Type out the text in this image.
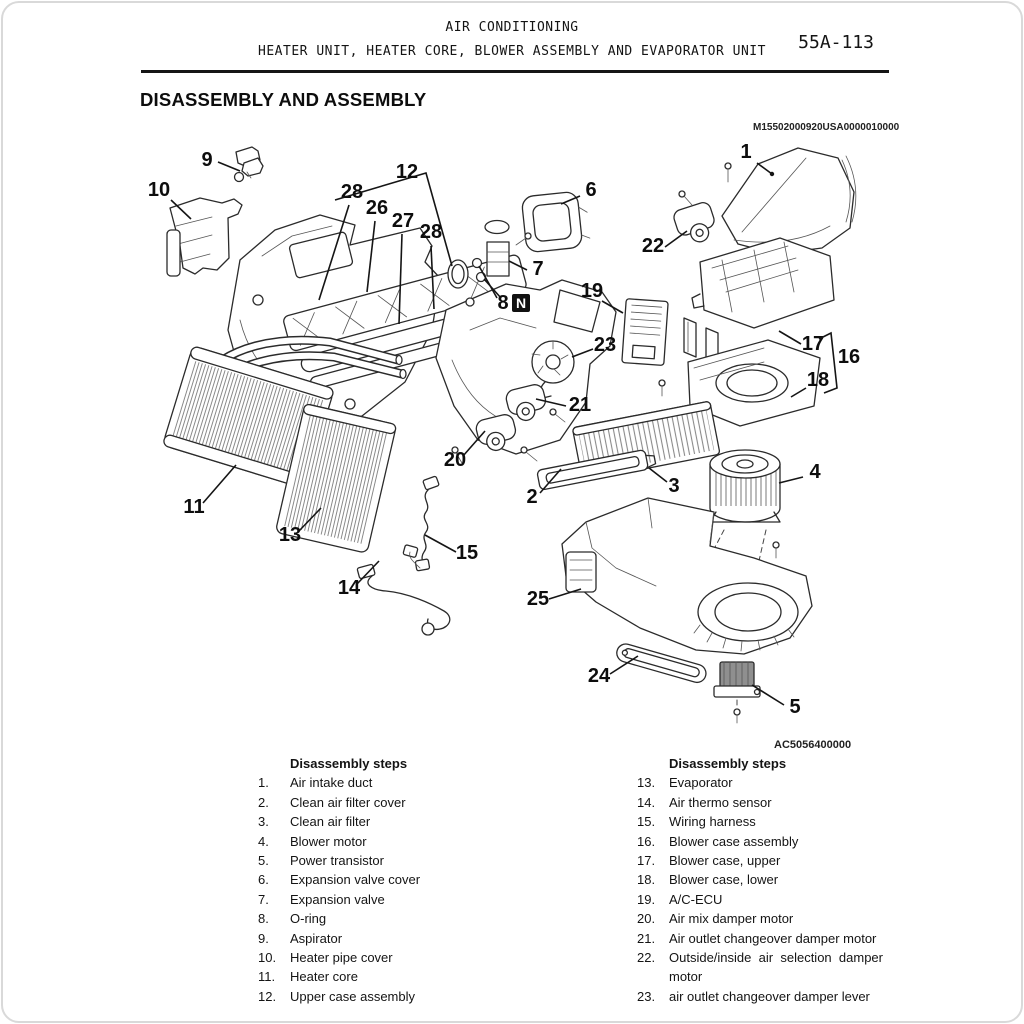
AIR CONDITIONING
HEATER UNIT, HEATER CORE, BLOWER ASSEMBLY AND EVAPORATOR UNIT	55A-113
DISASSEMBLY AND ASSEMBLY
M15502000920USA0000010000
AC5056400000
9
10	28
26
27
12
28
6
7
8 N
19
22
1
23	17
16
18
21
20
2	3
4
11
13
15
14	25
24
5
Disassembly steps
1.	Air intake duct
2.	Clean air filter cover
3.	Clean air filter
4.	Blower motor
5.	Power transistor
6.	Expansion valve cover
7.	Expansion valve
8.	O-ring
9.	Aspirator
10.	Heater pipe cover
11.	Heater core
12.	Upper case assembly
Disassembly steps
13.	Evaporator
14.	Air thermo sensor
15.	Wiring harness
16.	Blower case assembly
17.	Blower case, upper
18.	Blower case, lower
19.	A/C-ECU
20.	Air mix damper motor
21.	Air outlet changeover damper motor
22.	Outside/inside air selection damper motor
23.	air outlet changeover damper lever
